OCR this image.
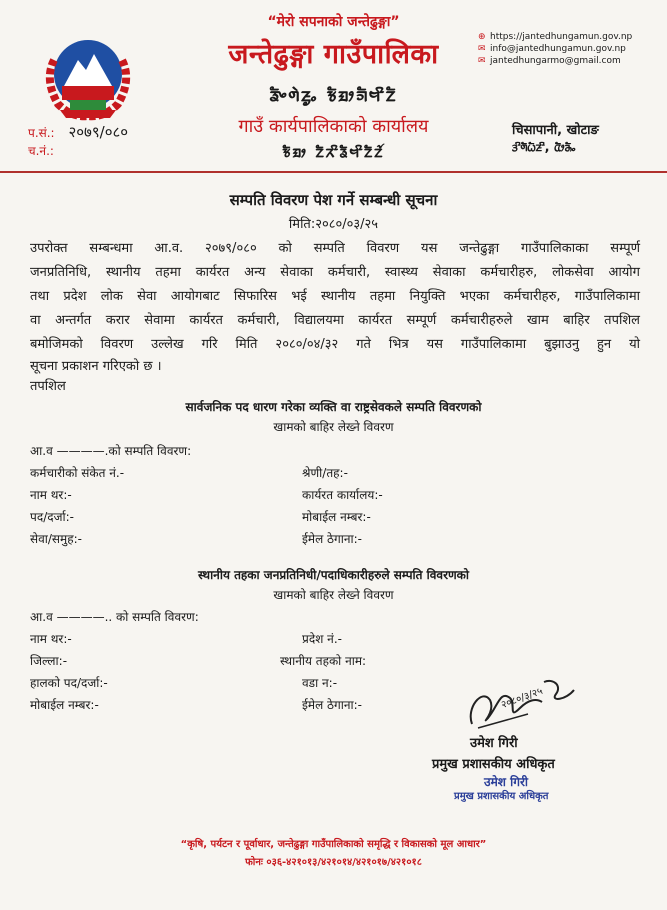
“मेरो सपनाको जन्तेढुङ्गा”
जन्तेढुङ्गा गाउँपालिका
ᤕᤠᤴᤛᤧᤏᤢᤱ ᤃᤠᤀᤣᤈᤠᤗᤡᤁᤠ
गाउँ कार्यपालिकाको कार्यालय
ᤃᤠᤀᤣ ᤁᤠᤖᤡᤕᤠᤗᤡᤁᤠᤁᤨ
⊕ https://jantedhungamun.gov.np
✉ info@jantedhungamun.gov.np
✉ jantedhungarmo@gmail.com
चिसापानी, खोटाङ
ᤋᤡᤛᤠᤐᤠᤏᤡ, ᤂᤥᤌᤠᤱ
प.सं.: २०७९/०८०
च.नं.:
सम्पति विवरण पेश गर्ने सम्बन्धी सूचना
मिति:२०८०/०३/२५
उपरोक्त सम्बन्धमा आ.व. २०७९/०८० को सम्पति विवरण यस जन्तेढुङ्गा गाउँपालिकाका सम्पूर्ण
जनप्रतिनिधि, स्थानीय तहमा कार्यरत अन्य सेवाका कर्मचारी, स्वास्थ्य सेवाका कर्मचारीहरु, लोकसेवा आयोग
तथा प्रदेश लोक सेवा आयोगबाट सिफारिस भई स्थानीय तहमा नियुक्ति भएका कर्मचारीहरु, गाउँपालिकामा
वा अन्तर्गत करार सेवामा कार्यरत कर्मचारी, विद्यालयमा कार्यरत सम्पूर्ण कर्मचारीहरुले खाम बाहिर तपशिल
बमोजिमको विवरण उल्लेख गरि मिति २०८०/०४/३२ गते भित्र यस गाउँपालिकामा बुझाउनु हुन यो
सूचना प्रकाशन गरिएको छ ।
तपशिल
सार्वजनिक पद धारण गरेका व्यक्ति वा राष्ट्रसेवकले सम्पति विवरणको
खामको बाहिर लेख्ने विवरण
आ.व ————.को सम्पति विवरण:
कर्मचारीको संकेत नं.-
नाम थर:-
पद/दर्जा:-
सेवा/समुह:-
श्रेणी/तह:-
कार्यरत कार्यालय:-
मोबाईल नम्बर:-
ईमेल ठेगाना:-
स्थानीय तहका जनप्रतिनिधी/पदाधिकारीहरुले सम्पति विवरणको
खामको बाहिर लेख्ने विवरण
आ.व ————.. को सम्पति विवरण:
नाम थर:-
जिल्ला:-
हालको पद/दर्जा:-
मोबाईल नम्बर:-
प्रदेश नं.-
स्थानीय तहको नाम:
वडा न:-
ईमेल ठेगाना:-	२०८०/३/२५
उमेश गिरी
प्रमुख प्रशासकीय अधिकृत
उमेश गिरी
प्रमुख प्रशासकीय अधिकृत
“कृषि, पर्यटन र पूर्वाधार, जन्तेढुङ्गा गाउँपालिकाको समृद्धि र विकासको मूल आधार”
फोनः ०३६-४२१०१३/४२१०१४/४२१०१७/४२१०१८
